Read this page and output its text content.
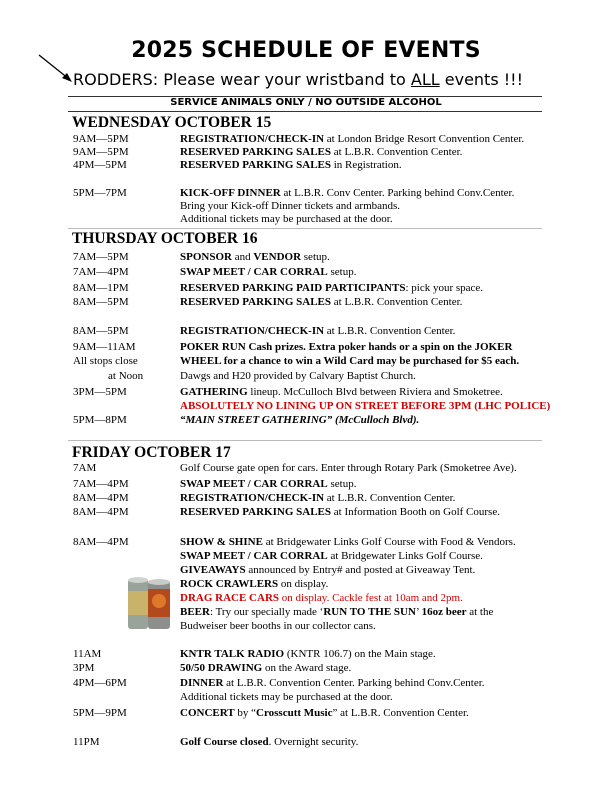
2025 SCHEDULE OF EVENTS
RODDERS: Please wear your wristband to ALL events !!!
SERVICE ANIMALS ONLY / NO OUTSIDE ALCOHOL
WEDNESDAY OCTOBER 15
THURSDAY OCTOBER 16
FRIDAY OCTOBER 17
9AM—5PM	REGISTRATION/CHECK-IN at London Bridge Resort Convention Center.
9AM—5PM	RESERVED PARKING SALES at L.B.R. Convention Center.
4PM—5PM	RESERVED PARKING SALES in Registration.
5PM—7PM	KICK-OFF DINNER at L.B.R. Conv Center. Parking behind Conv.Center.
Bring your Kick-off Dinner tickets and armbands.
Additional tickets may be purchased at the door.
7AM—5PM	SPONSOR and VENDOR setup.
7AM—4PM	SWAP MEET / CAR CORRAL setup.
8AM—1PM	RESERVED PARKING PAID PARTICIPANTS: pick your space.
8AM—5PM	RESERVED PARKING SALES at L.B.R. Convention Center.
8AM—5PM	REGISTRATION/CHECK-IN at L.B.R. Convention Center.
9AM—11AM	POKER RUN Cash prizes. Extra poker hands or a spin on the JOKER
All stops close	WHEEL for a chance to win a Wild Card may be purchased for $5 each.
at Noon	Dawgs and H20 provided by Calvary Baptist Church.
3PM—5PM	GATHERING lineup. McCulloch Blvd between Riviera and Smoketree.
ABSOLUTELY NO LINING UP ON STREET BEFORE 3PM (LHC POLICE)
5PM—8PM	“MAIN STREET GATHERING” (McCulloch Blvd).
7AM	Golf Course gate open for cars. Enter through Rotary Park (Smoketree Ave).
7AM—4PM	SWAP MEET / CAR CORRAL setup.
8AM—4PM	REGISTRATION/CHECK-IN at L.B.R. Convention Center.
8AM—4PM	RESERVED PARKING SALES at Information Booth on Golf Course.
8AM—4PM	SHOW & SHINE at Bridgewater Links Golf Course with Food & Vendors.
SWAP MEET / CAR CORRAL at Bridgewater Links Golf Course.
GIVEAWAYS announced by Entry# and posted at Giveaway Tent.
ROCK CRAWLERS on display.
DRAG RACE CARS on display. Cackle fest at 10am and 2pm.
BEER: Try our specially made ‘RUN TO THE SUN’ 16oz beer at the
Budweiser beer booths in our collector cans.
11AM	KNTR TALK RADIO (KNTR 106.7) on the Main stage.
3PM	50/50 DRAWING on the Award stage.
4PM—6PM	DINNER at L.B.R. Convention Center. Parking behind Conv.Center.
Additional tickets may be purchased at the door.
5PM—9PM	CONCERT by “Crosscutt Music” at L.B.R. Convention Center.
11PM	Golf Course closed. Overnight security.
